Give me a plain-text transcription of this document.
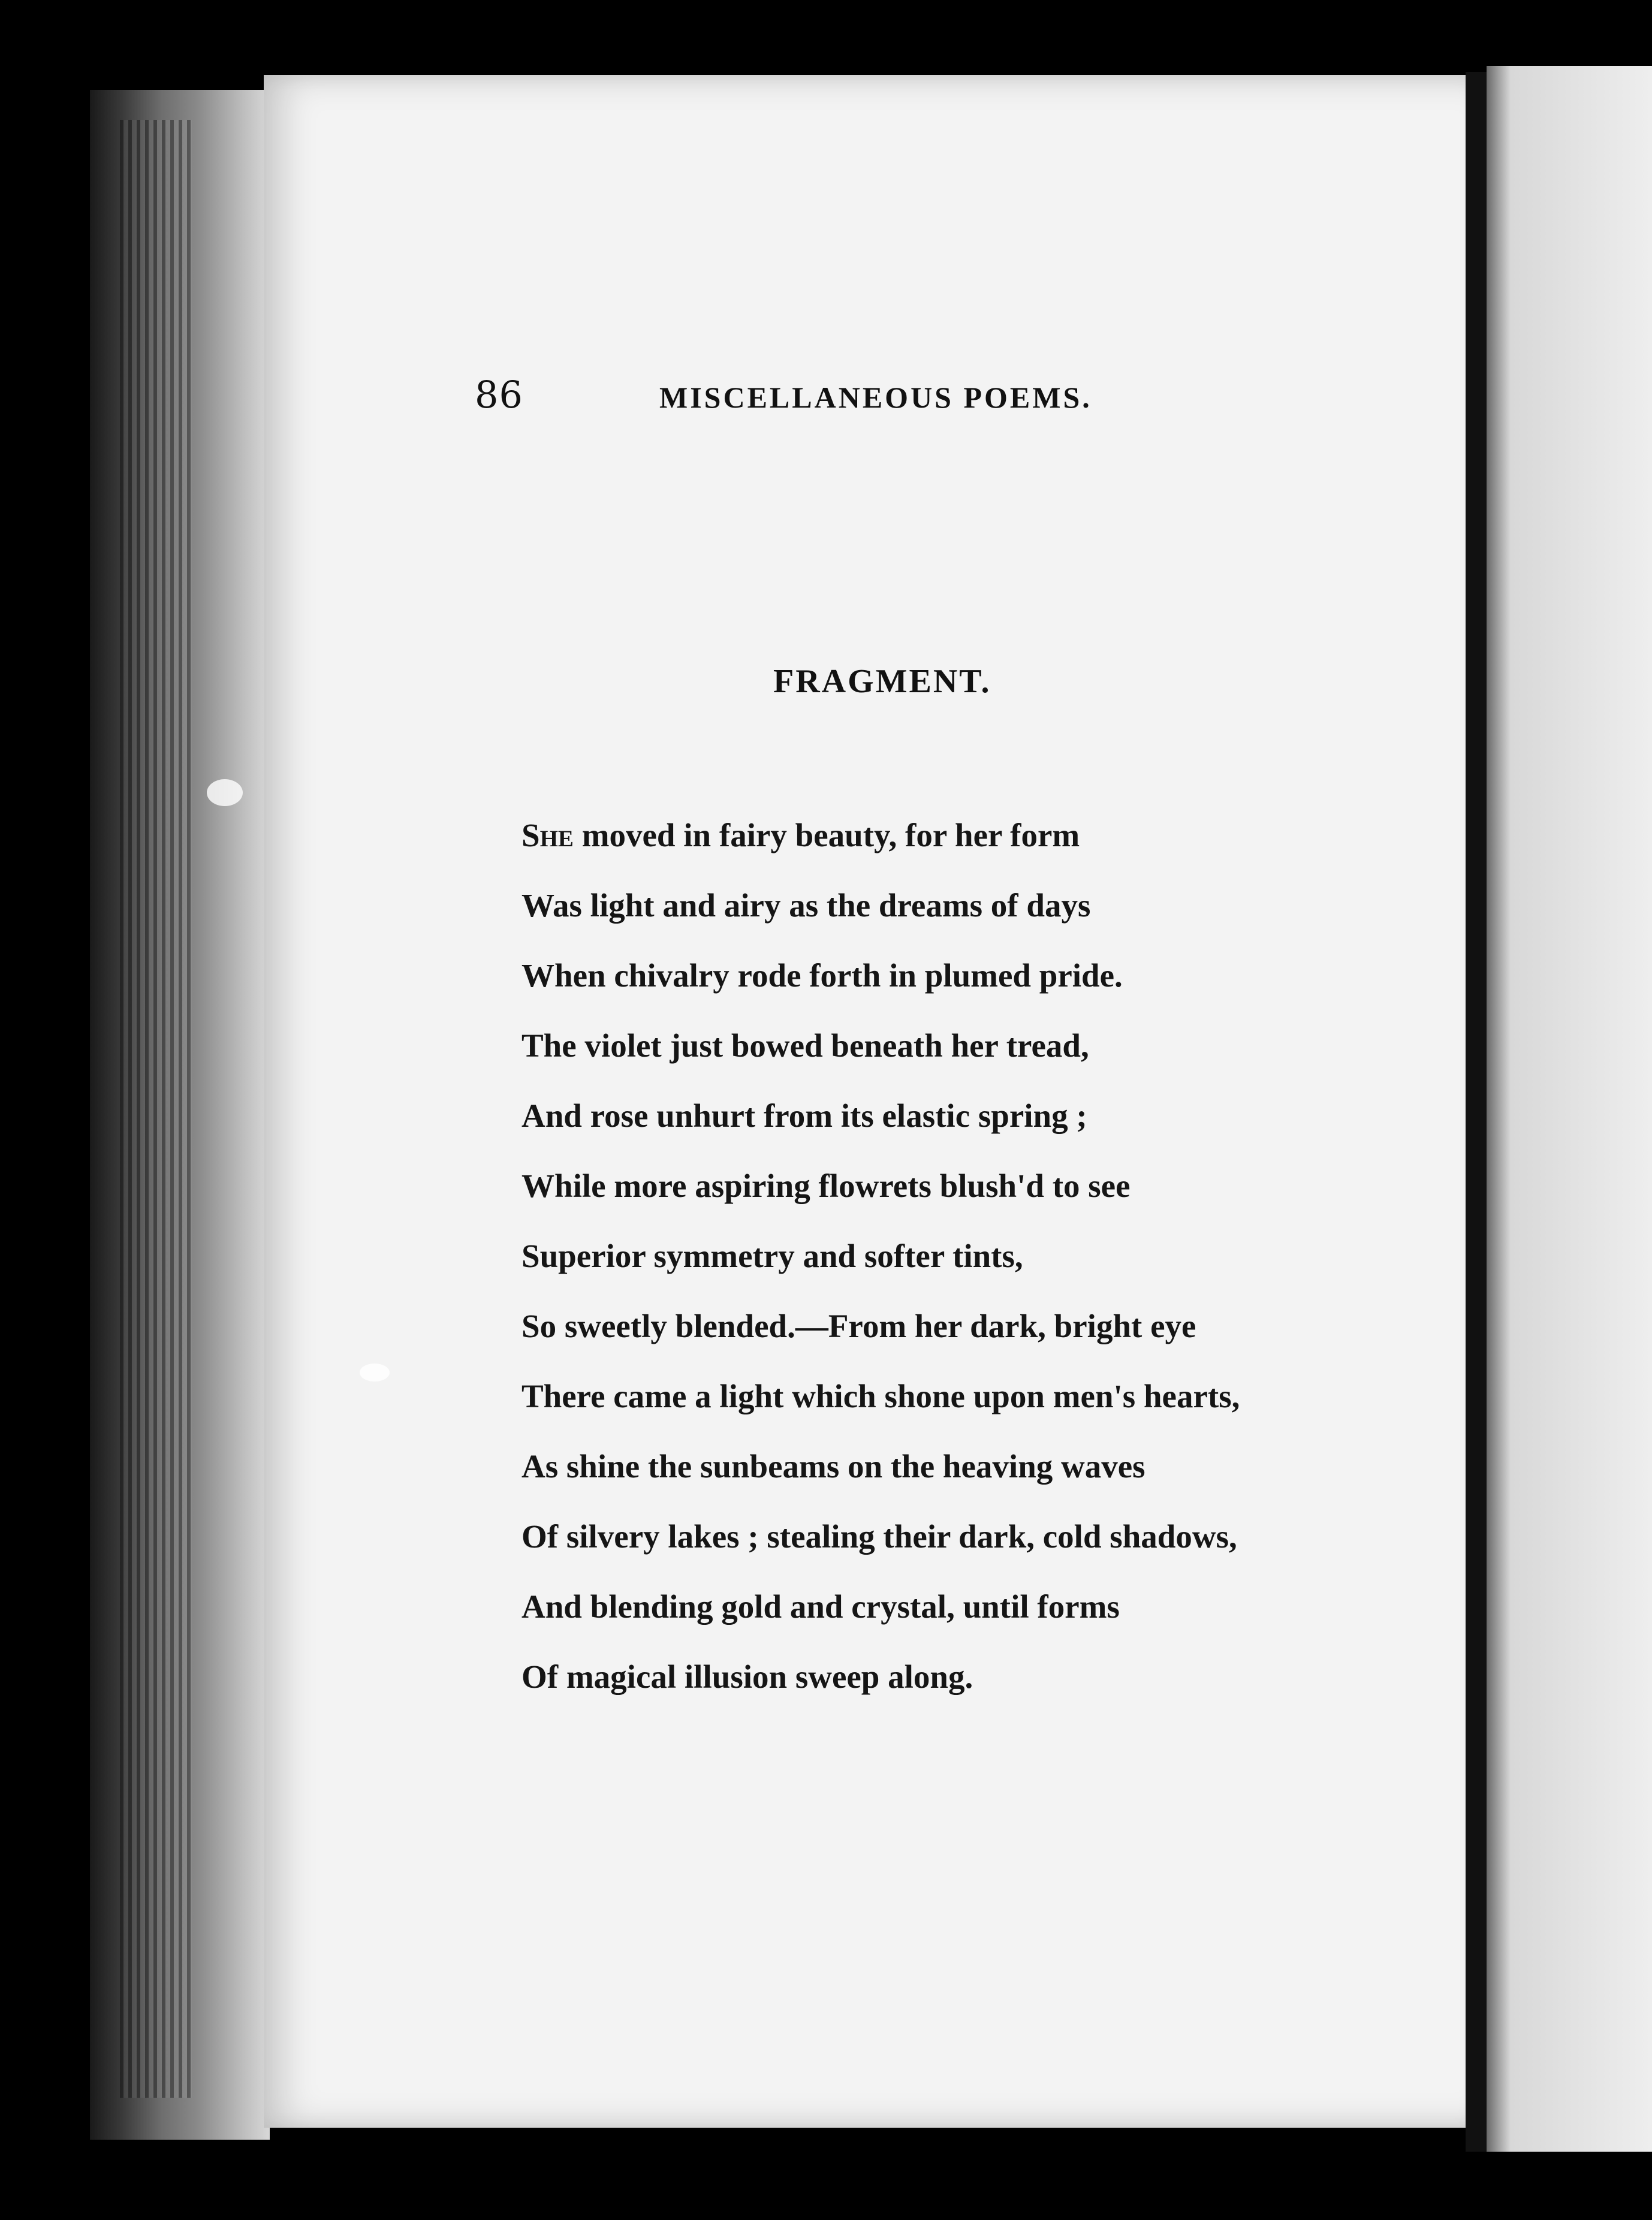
86	MISCELLANEOUS POEMS.
FRAGMENT.
She moved in fairy beauty, for her form
Was light and airy as the dreams of days
When chivalry rode forth in plumed pride.
The violet just bowed beneath her tread,
And rose unhurt from its elastic spring ;
While more aspiring flowrets blush'd to see
Superior symmetry and softer tints,
So sweetly blended.—From her dark, bright eye
There came a light which shone upon men's hearts,
As shine the sunbeams on the heaving waves
Of silvery lakes ; stealing their dark, cold shadows,
And blending gold and crystal, until forms
Of magical illusion sweep along.
